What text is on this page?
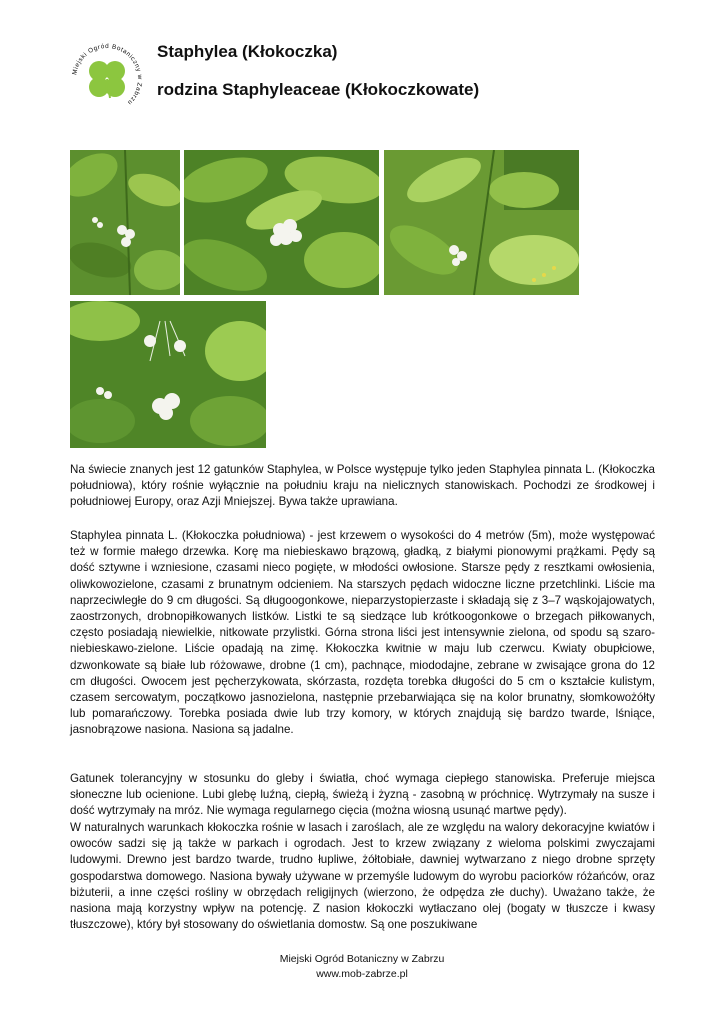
Miejski Ogród Botaniczny w Zabrzu
Staphylea (Kłokoczka)
rodzina Staphyleaceae (Kłokoczkowate)

Na świecie znanych jest 12 gatunków Staphylea, w Polsce występuje tylko jeden Staphylea pinnata L. (Kłokoczka południowa), który rośnie wyłącznie na południu kraju na nielicznych stanowiskach. Pochodzi ze środkowej i południowej Europy, oraz Azji Mniejszej. Bywa także uprawiana.

Staphylea pinnata L. (Kłokoczka południowa) - jest krzewem o wysokości do 4 metrów (5m), może występować też w formie małego drzewka. Korę ma niebieskawo brązową, gładką, z białymi pionowymi prążkami. Pędy są dość sztywne i wzniesione, czasami nieco pogięte, w młodości owłosione. Starsze pędy z resztkami owłosienia, oliwkowozielone, czasami z brunatnym odcieniem. Na starszych pędach widoczne liczne przetchlinki. Liście ma naprzeciwległe do 9 cm długości. Są długoogonkowe, nieparzystopierzaste i składają się z 3–7 wąskojajowatych, zaostrzonych, drobnopiłkowanych listków. Listki te są siedzące lub krótkoogonkowe o brzegach piłkowanych, często posiadają niewielkie, nitkowate przylistki. Górna strona liści jest intensywnie zielona, od spodu są szaro-niebieskawo-zielone. Liście opadają na zimę. Kłokoczka kwitnie w maju lub czerwcu. Kwiaty obupłciowe, dzwonkowate są białe lub różowawe, drobne (1 cm), pachnące, miododajne, zebrane w zwisające grona do 12 cm długości. Owocem jest pęcherzykowata, skórzasta, rozdęta torebka długości do 5 cm o kształcie kulistym, czasem sercowatym, początkowo jasnozielona, następnie przebarwiająca się na kolor brunatny, słomkowożółty lub pomarańczowy. Torebka posiada dwie lub trzy komory, w których znajdują się bardzo twarde, lśniące, jasnobrązowe nasiona. Nasiona są jadalne.

Gatunek tolerancyjny w stosunku do gleby i światła, choć wymaga ciepłego stanowiska. Preferuje miejsca słoneczne lub ocienione. Lubi glebę luźną, ciepłą, świeżą i żyzną - zasobną w próchnicę. Wytrzymały na susze i dość wytrzymały na mróz. Nie wymaga regularnego cięcia (można wiosną usunąć martwe pędy).

W naturalnych warunkach kłokoczka rośnie w lasach i zaroślach, ale ze względu na walory dekoracyjne kwiatów i owoców sadzi się ją także w parkach i ogrodach. Jest to krzew związany z wieloma polskimi zwyczajami ludowymi. Drewno jest bardzo twarde, trudno łupliwe, żółtobiałe, dawniej wytwarzano z niego drobne sprzęty gospodarstwa domowego. Nasiona bywały używane w przemyśle ludowym do wyrobu paciorków różańców, oraz biżuterii, a inne części rośliny w obrzędach religijnych (wierzono, że odpędza złe duchy). Uważano także, że nasiona mają korzystny wpływ na potencję. Z nasion kłokoczki wytłaczano olej (bogaty w tłuszcze i kwasy tłuszczowe), który był stosowany do oświetlania domostw. Są one poszukiwane

Miejski Ogród Botaniczny w Zabrzu
www.mob-zabrze.pl
